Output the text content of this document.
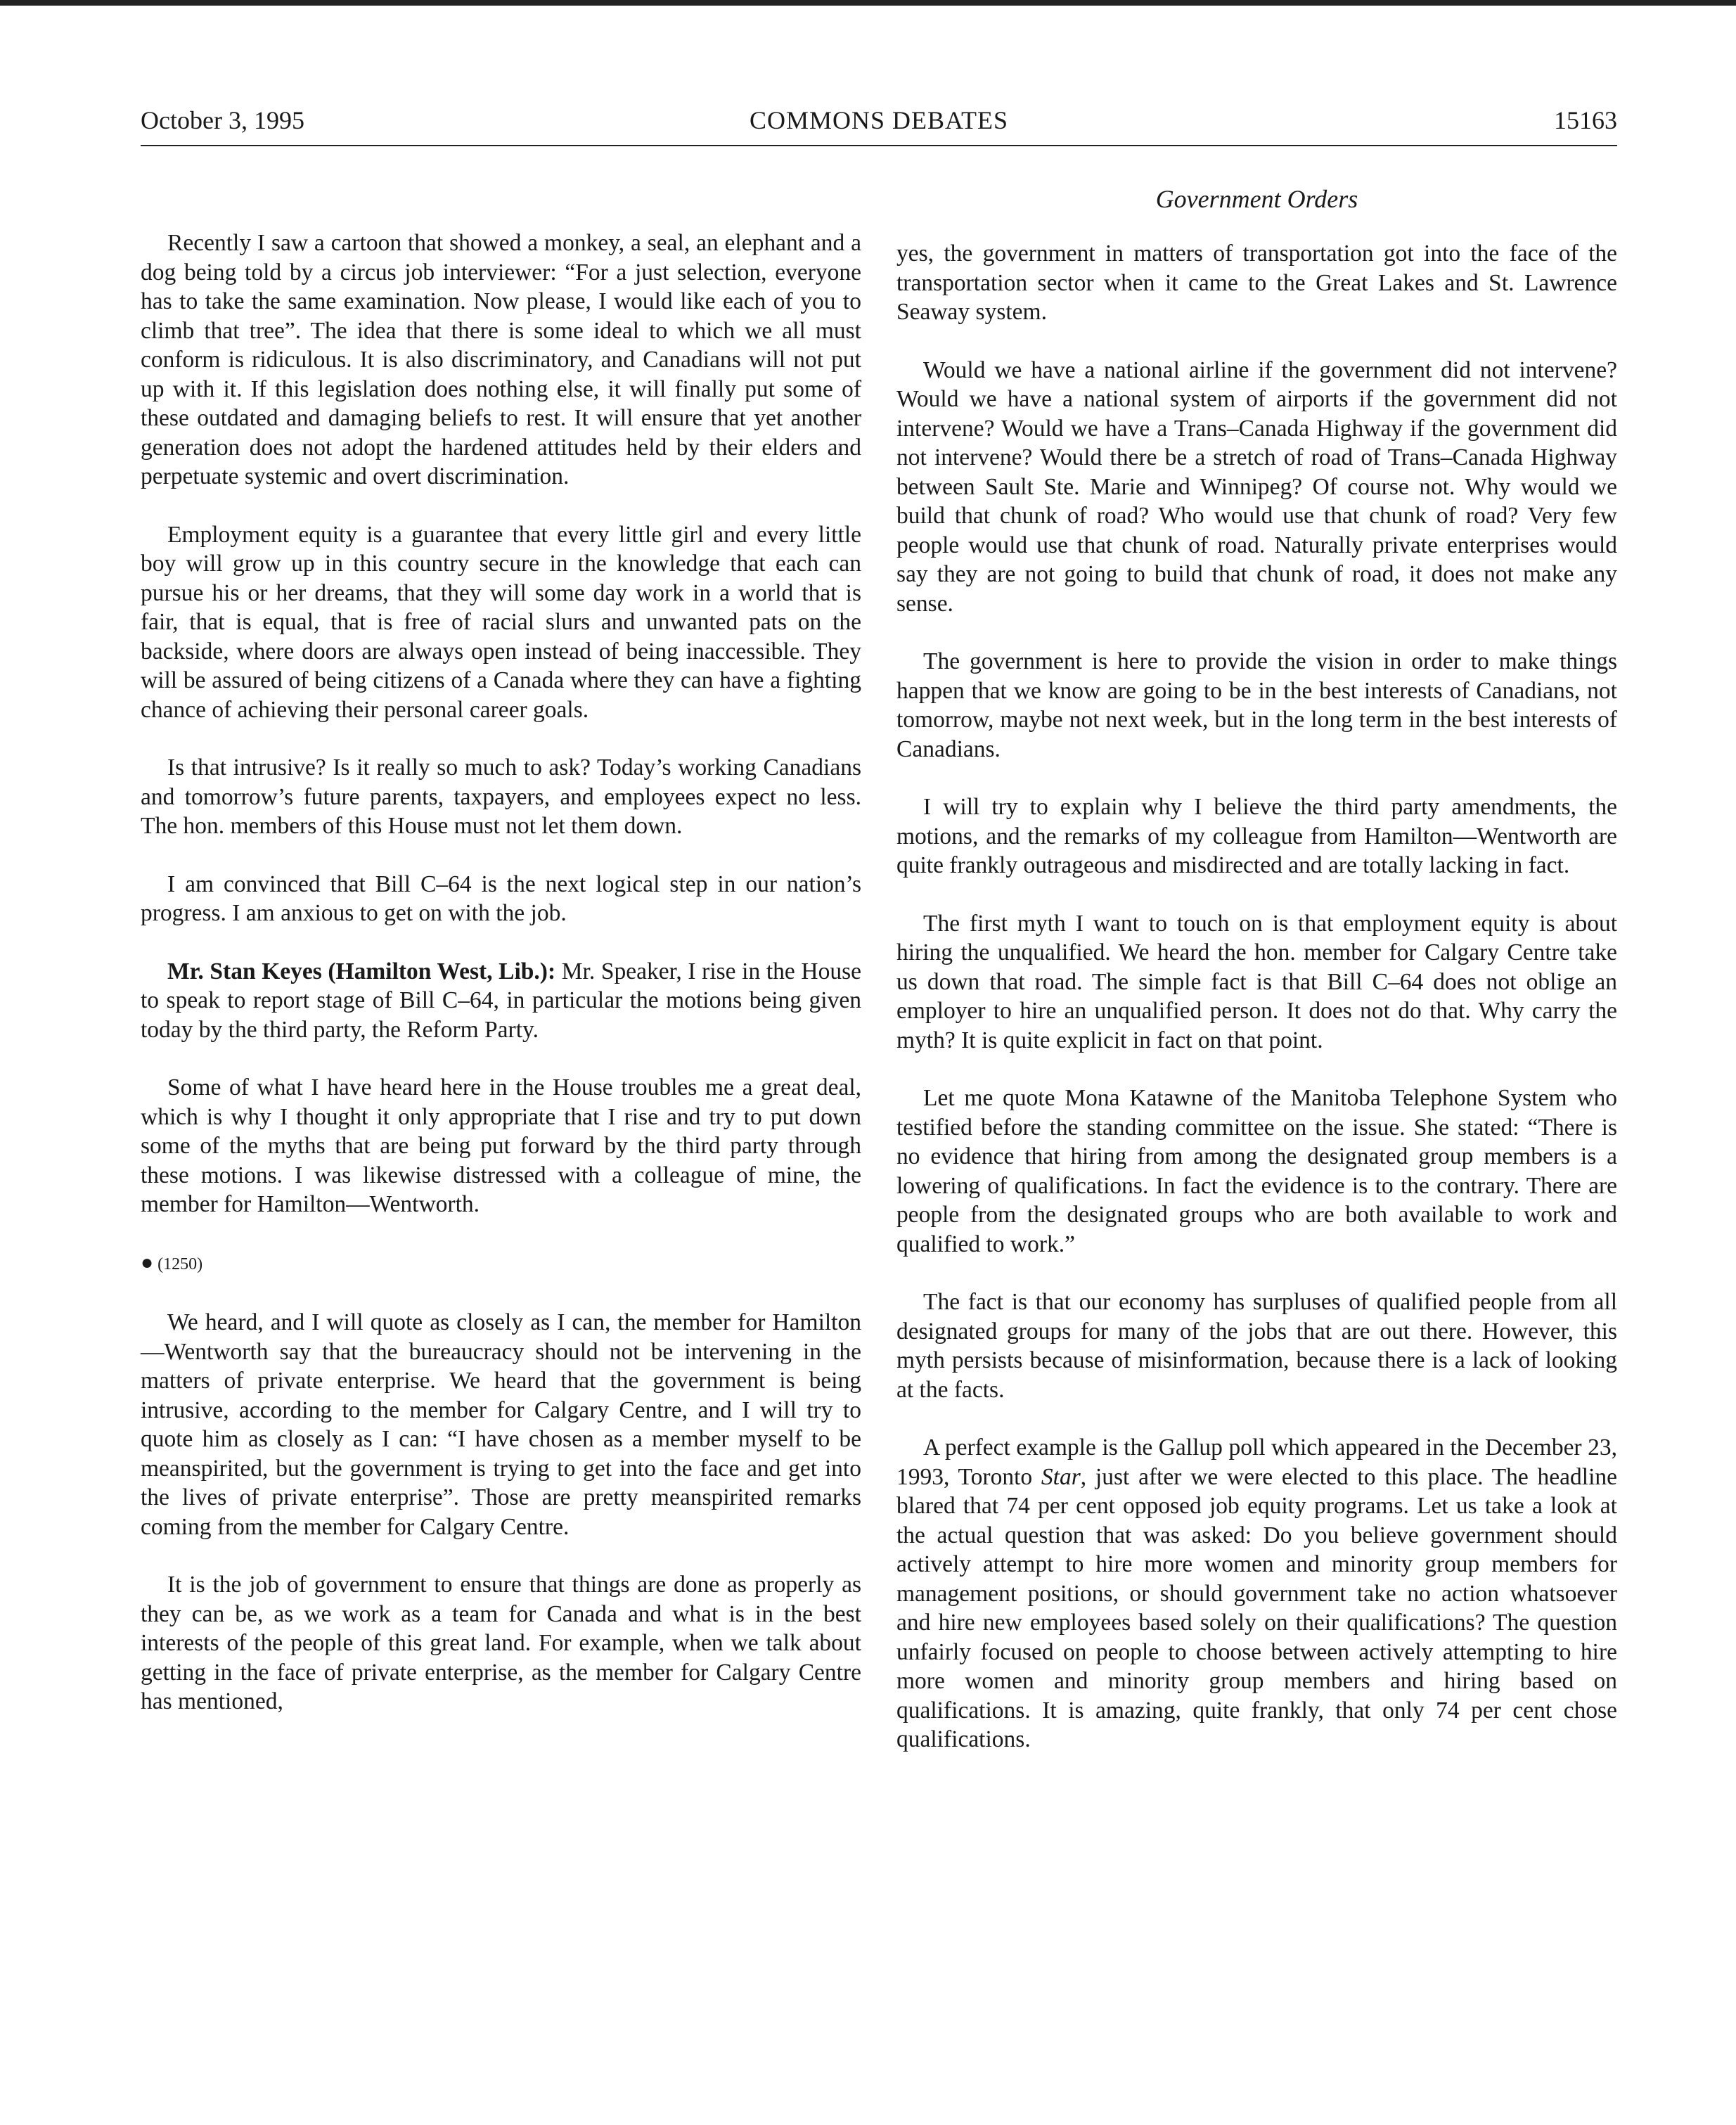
October 3, 1995	COMMONS DEBATES	15163
Government Orders

Recently I saw a cartoon that showed a monkey, a seal, an elephant and a dog being told by a circus job interviewer: “For a just selection, everyone has to take the same examination. Now please, I would like each of you to climb that tree”. The idea that there is some ideal to which we all must conform is ridiculous. It is also discriminatory, and Canadians will not put up with it. If this legislation does nothing else, it will finally put some of these outdated and damaging beliefs to rest. It will ensure that yet another generation does not adopt the hardened attitudes held by their elders and perpetuate systemic and overt discrimination.

Employment equity is a guarantee that every little girl and every little boy will grow up in this country secure in the knowledge that each can pursue his or her dreams, that they will some day work in a world that is fair, that is equal, that is free of racial slurs and unwanted pats on the backside, where doors are always open instead of being inaccessible. They will be assured of being citizens of a Canada where they can have a fighting chance of achieving their personal career goals.

Is that intrusive? Is it really so much to ask? Today’s working Canadians and tomorrow’s future parents, taxpayers, and employees expect no less. The hon. members of this House must not let them down.

I am convinced that Bill C–64 is the next logical step in our nation’s progress. I am anxious to get on with the job.

Mr. Stan Keyes (Hamilton West, Lib.): Mr. Speaker, I rise in the House to speak to report stage of Bill C–64, in particular the motions being given today by the third party, the Reform Party.

Some of what I have heard here in the House troubles me a great deal, which is why I thought it only appropriate that I rise and try to put down some of the myths that are being put forward by the third party through these motions. I was likewise distressed with a colleague of mine, the member for Hamilton—Wentworth.

● (1250)

We heard, and I will quote as closely as I can, the member for Hamilton—Wentworth say that the bureaucracy should not be intervening in the matters of private enterprise. We heard that the government is being intrusive, according to the member for Calgary Centre, and I will try to quote him as closely as I can: “I have chosen as a member myself to be meanspirited, but the government is trying to get into the face and get into the lives of private enterprise”. Those are pretty meanspirited remarks coming from the member for Calgary Centre.

It is the job of government to ensure that things are done as properly as they can be, as we work as a team for Canada and what is in the best interests of the people of this great land. For example, when we talk about getting in the face of private enterprise, as the member for Calgary Centre has mentioned,

yes, the government in matters of transportation got into the face of the transportation sector when it came to the Great Lakes and St. Lawrence Seaway system.

Would we have a national airline if the government did not intervene? Would we have a national system of airports if the government did not intervene? Would we have a Trans–Canada Highway if the government did not intervene? Would there be a stretch of road of Trans–Canada Highway between Sault Ste. Marie and Winnipeg? Of course not. Why would we build that chunk of road? Who would use that chunk of road? Very few people would use that chunk of road. Naturally private enterprises would say they are not going to build that chunk of road, it does not make any sense.

The government is here to provide the vision in order to make things happen that we know are going to be in the best interests of Canadians, not tomorrow, maybe not next week, but in the long term in the best interests of Canadians.

I will try to explain why I believe the third party amendments, the motions, and the remarks of my colleague from Hamilton—Wentworth are quite frankly outrageous and misdirected and are totally lacking in fact.

The first myth I want to touch on is that employment equity is about hiring the unqualified. We heard the hon. member for Calgary Centre take us down that road. The simple fact is that Bill C–64 does not oblige an employer to hire an unqualified person. It does not do that. Why carry the myth? It is quite explicit in fact on that point.

Let me quote Mona Katawne of the Manitoba Telephone System who testified before the standing committee on the issue. She stated: “There is no evidence that hiring from among the designated group members is a lowering of qualifications. In fact the evidence is to the contrary. There are people from the designated groups who are both available to work and qualified to work.”

The fact is that our economy has surpluses of qualified people from all designated groups for many of the jobs that are out there. However, this myth persists because of misinformation, because there is a lack of looking at the facts.

A perfect example is the Gallup poll which appeared in the December 23, 1993, Toronto Star, just after we were elected to this place. The headline blared that 74 per cent opposed job equity programs. Let us take a look at the actual question that was asked: Do you believe government should actively attempt to hire more women and minority group members for management positions, or should government take no action whatsoever and hire new employees based solely on their qualifications? The question unfairly focused on people to choose between actively attempting to hire more women and minority group members and hiring based on qualifications. It is amazing, quite frankly, that only 74 per cent chose qualifications.
